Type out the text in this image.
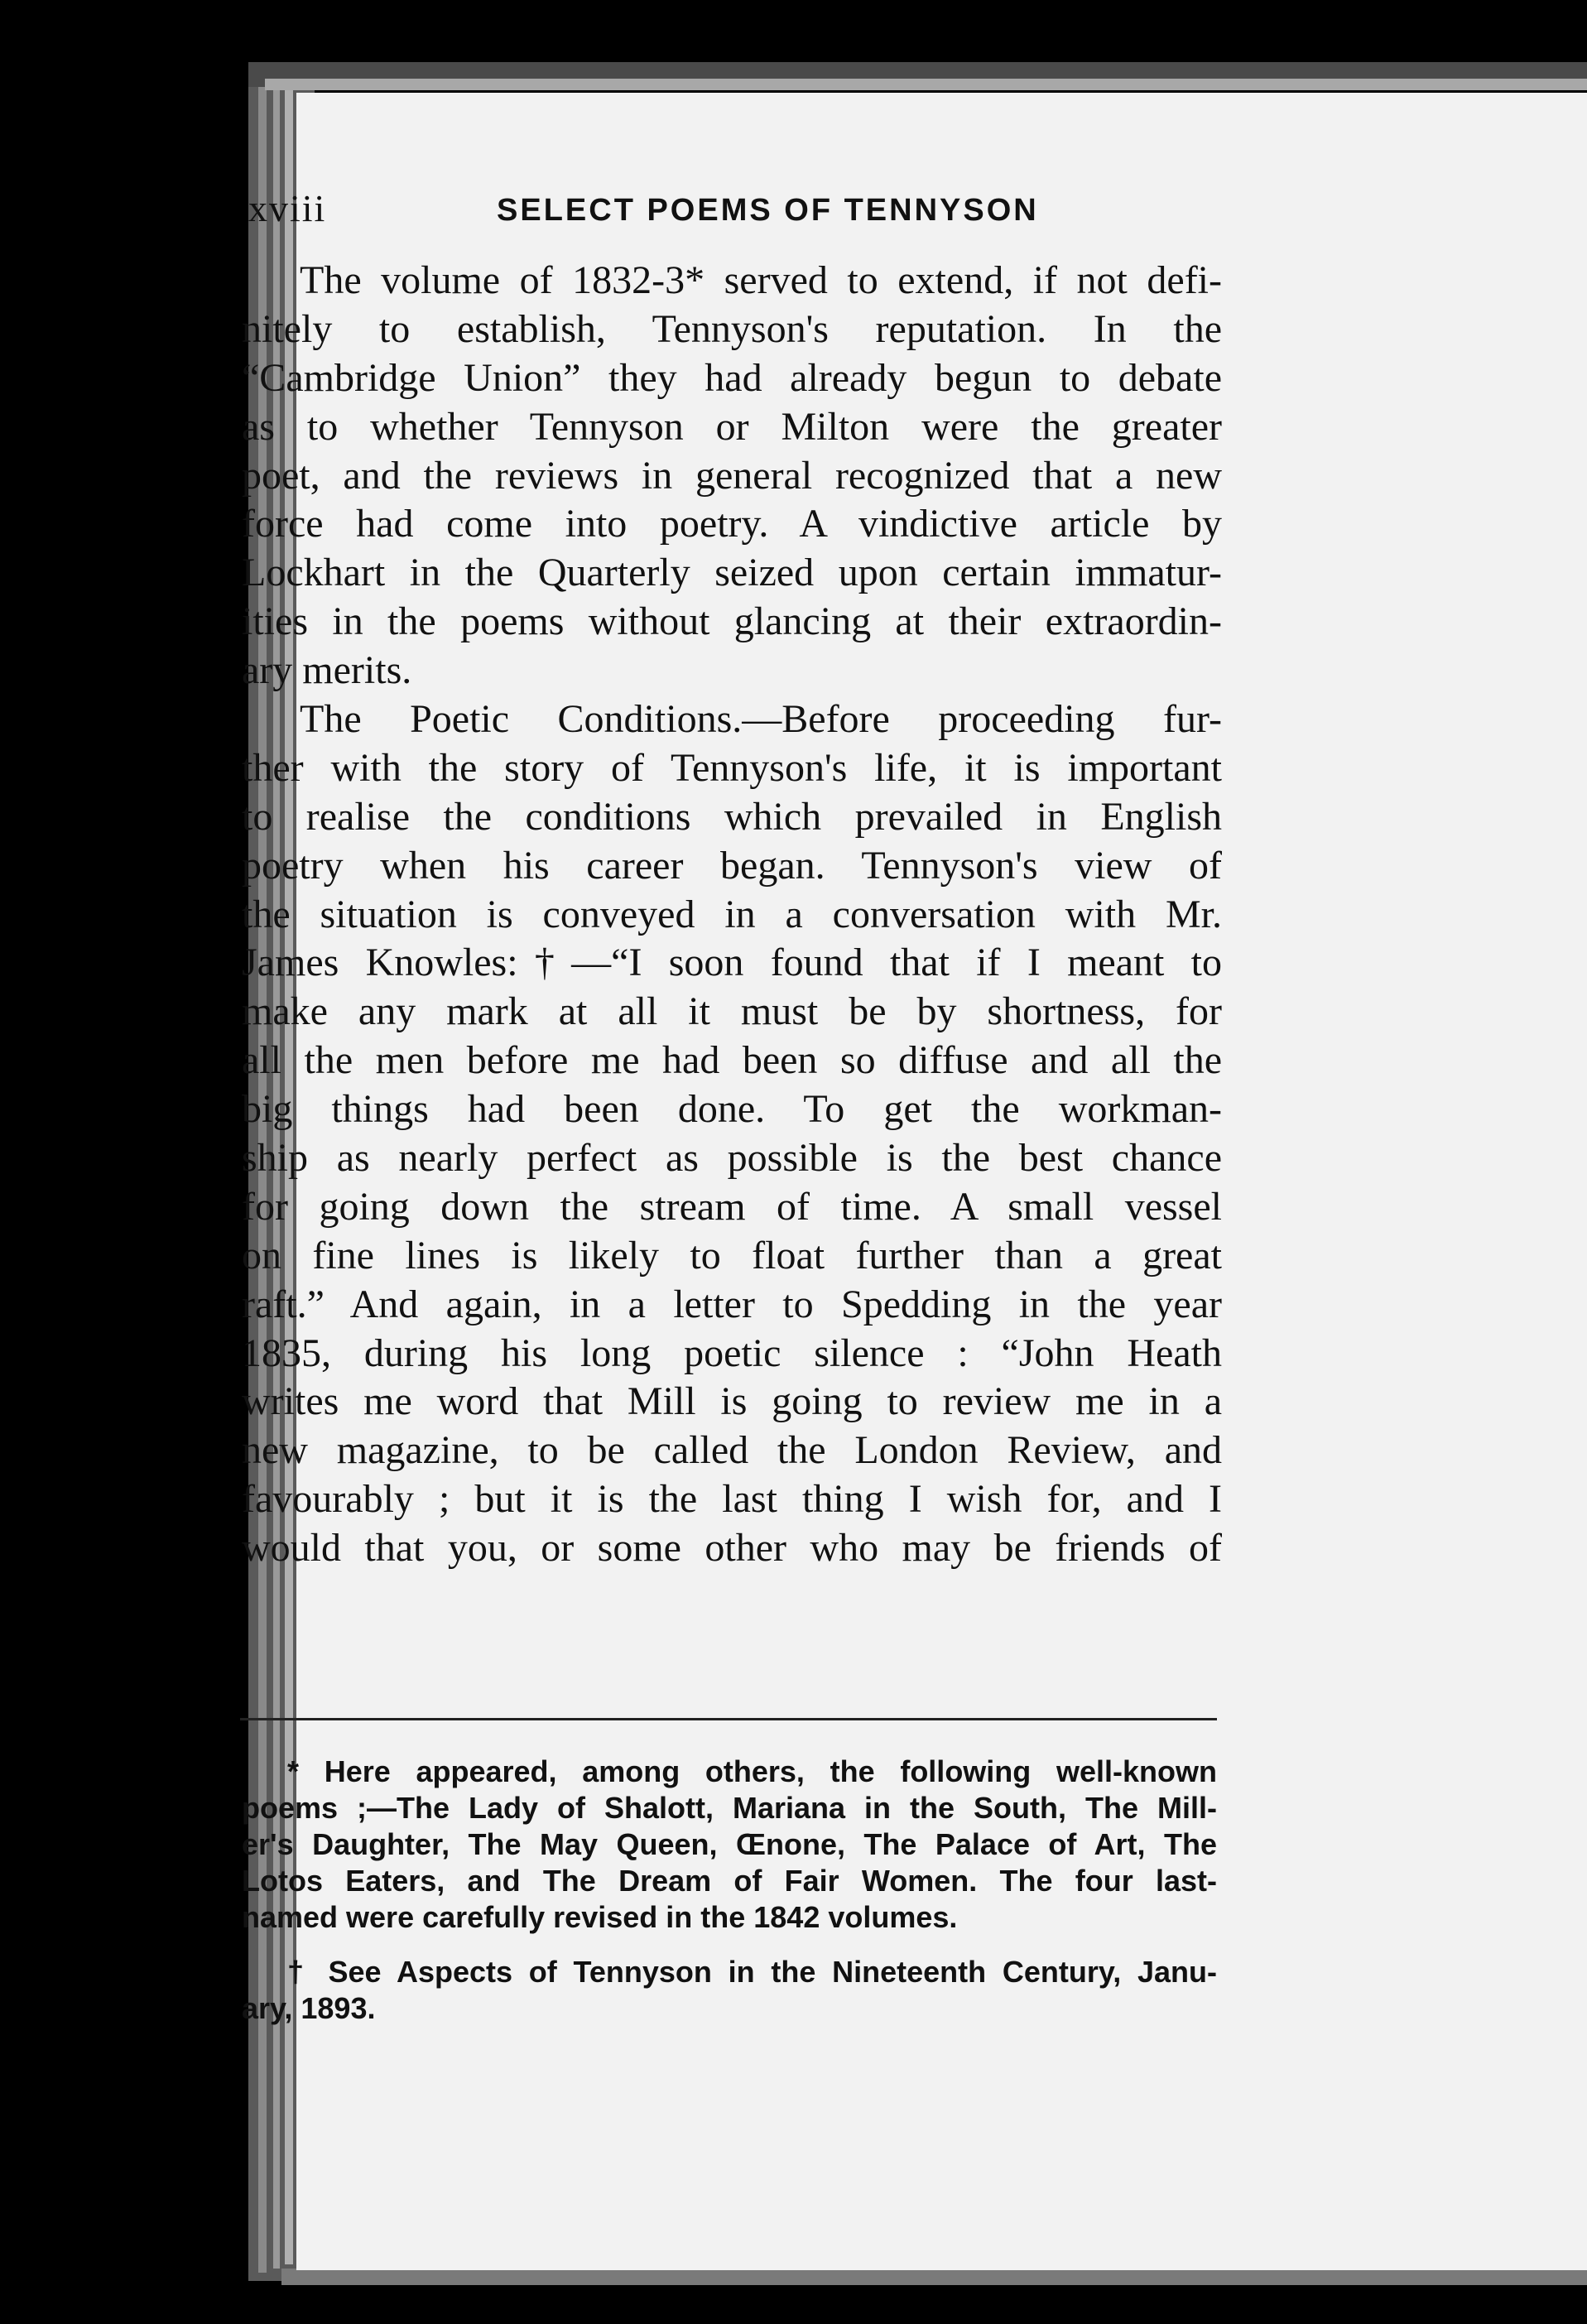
xviii	SELECT POEMS OF TENNYSON
The volume of 1832-3* served to extend, if not defi-
nitely to establish, Tennyson's reputation. In the
“Cambridge Union” they had already begun to debate
as to whether Tennyson or Milton were the greater
poet, and the reviews in general recognized that a new
force had come into poetry. A vindictive article by
Lockhart in the Quarterly seized upon certain immatur-
ities in the poems without glancing at their extraordin-
ary merits.
The Poetic Conditions.—Before proceeding fur-
ther with the story of Tennyson's life, it is important
to realise the conditions which prevailed in English
poetry when his career began. Tennyson's view of
the situation is conveyed in a conversation with Mr.
James Knowles:†—“I soon found that if I meant to
make any mark at all it must be by shortness, for
all the men before me had been so diffuse and all the
big things had been done. To get the workman-
ship as nearly perfect as possible is the best chance
for going down the stream of time. A small vessel
on fine lines is likely to float further than a great
raft.” And again, in a letter to Spedding in the year
1835, during his long poetic silence : “John Heath
writes me word that Mill is going to review me in a
new magazine, to be called the London Review, and
favourably ; but it is the last thing I wish for, and I
would that you, or some other who may be friends of
* Here appeared, among others, the following well-known
poems ;—The Lady of Shalott, Mariana in the South, The Mill-
er's Daughter, The May Queen, Œnone, The Palace of Art, The
Lotos Eaters, and The Dream of Fair Women. The four last-
named were carefully revised in the 1842 volumes.
† See Aspects of Tennyson in the Nineteenth Century, Janu-
ary, 1893.
